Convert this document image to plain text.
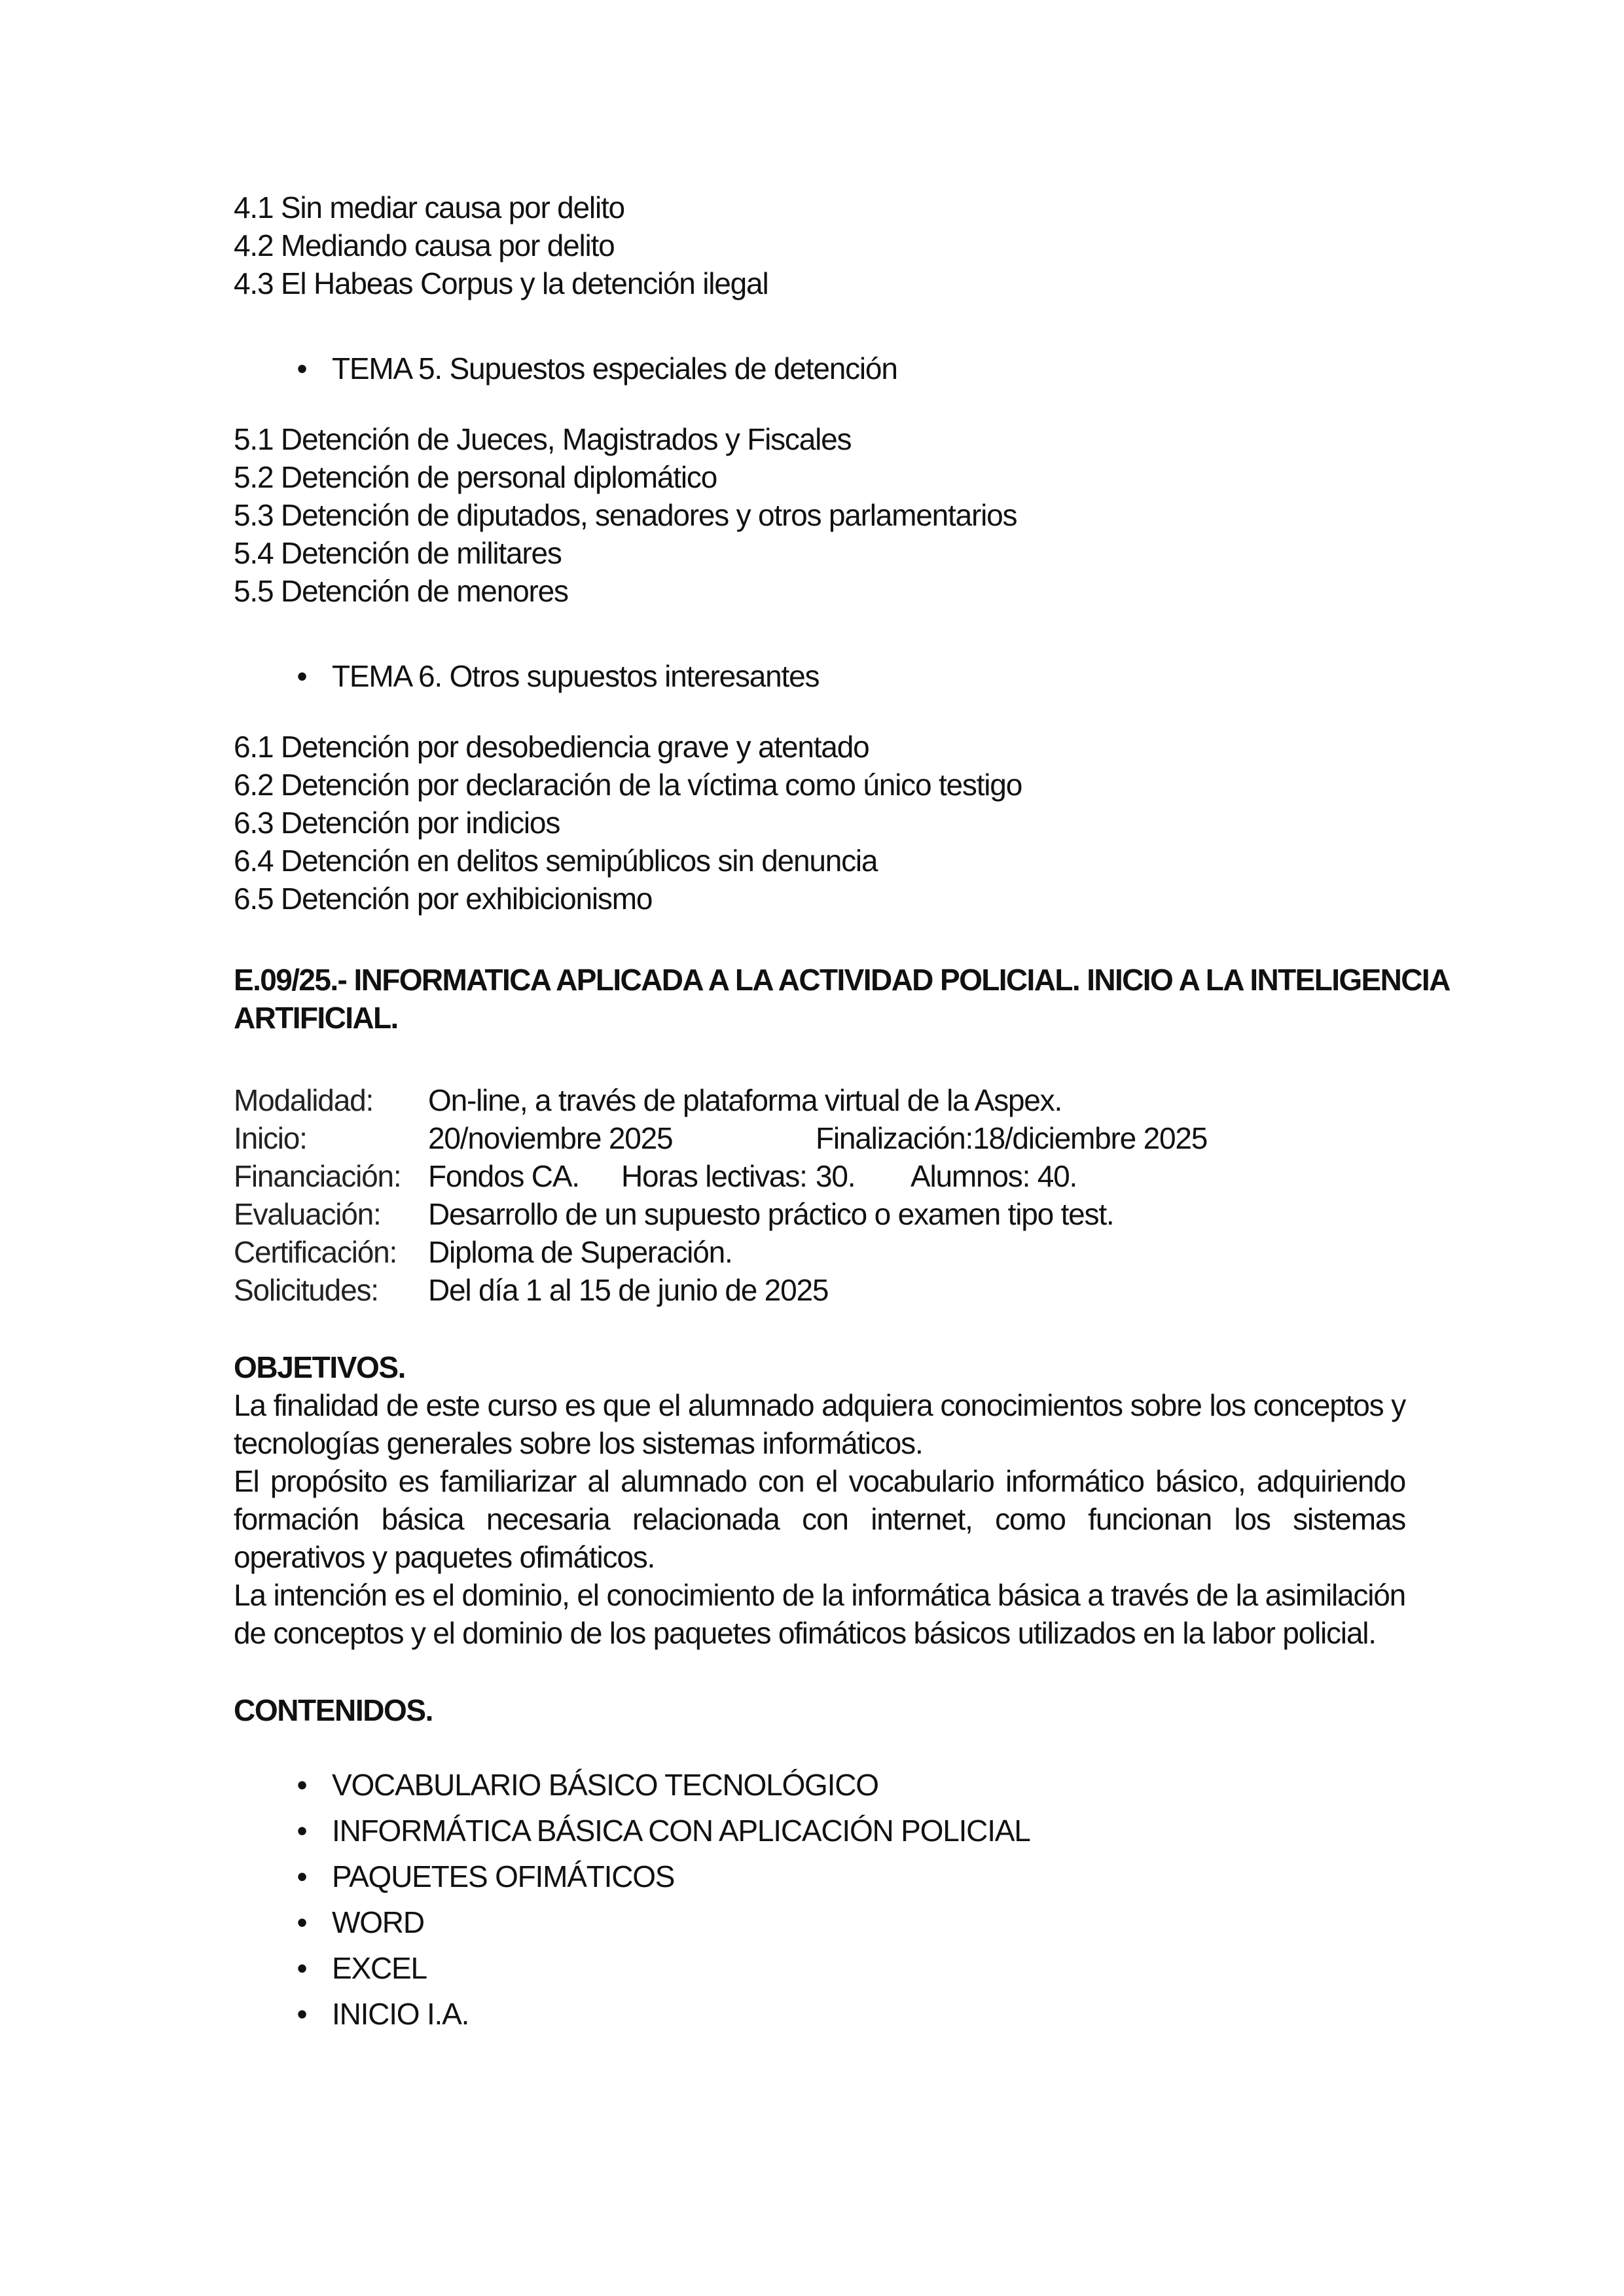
4.1 Sin mediar causa por delito

4.2 Mediando causa por delito

4.3 El Habeas Corpus y la detención ilegal

• TEMA 5. Supuestos especiales de detención

5.1 Detención de Jueces, Magistrados y Fiscales

5.2 Detención de personal diplomático

5.3 Detención de diputados, senadores y otros parlamentarios

5.4 Detención de militares

5.5 Detención de menores

• TEMA 6. Otros supuestos interesantes

6.1 Detención por desobediencia grave y atentado

6.2 Detención por declaración de la víctima como único testigo

6.3 Detención por indicios

6.4 Detención en delitos semipúblicos sin denuncia

6.5 Detención por exhibicionismo

E.09/25.- INFORMATICA APLICADA A LA ACTIVIDAD POLICIAL. INICIO A LA INTELIGENCIA

ARTIFICIAL.

Modalidad: On-line, a través de plataforma virtual de la Aspex.
Inicio:	20/noviembre 2025	Finalización:18/diciembre 2025
Financiación: Fondos CA. Horas lectivas: 30. Alumnos: 40.
Evaluación: Desarrollo de un supuesto práctico o examen tipo test.
Certificación: Diploma de Superación.
Solicitudes: Del día 1 al 15 de junio de 2025

OBJETIVOS.

La finalidad de este curso es que el alumnado adquiera conocimientos sobre los conceptos y tecnologías generales sobre los sistemas informáticos.

El propósito es familiarizar al alumnado con el vocabulario informático básico, adquiriendo formación básica necesaria relacionada con internet, como funcionan los sistemas operativos y paquetes ofimáticos.

La intención es el dominio, el conocimiento de la informática básica a través de la asimilación de conceptos y el dominio de los paquetes ofimáticos básicos utilizados en la labor policial.

CONTENIDOS.

• VOCABULARIO BÁSICO TECNOLÓGICO
• INFORMÁTICA BÁSICA CON APLICACIÓN POLICIAL
• PAQUETES OFIMÁTICOS
• WORD
• EXCEL
• INICIO I.A.
